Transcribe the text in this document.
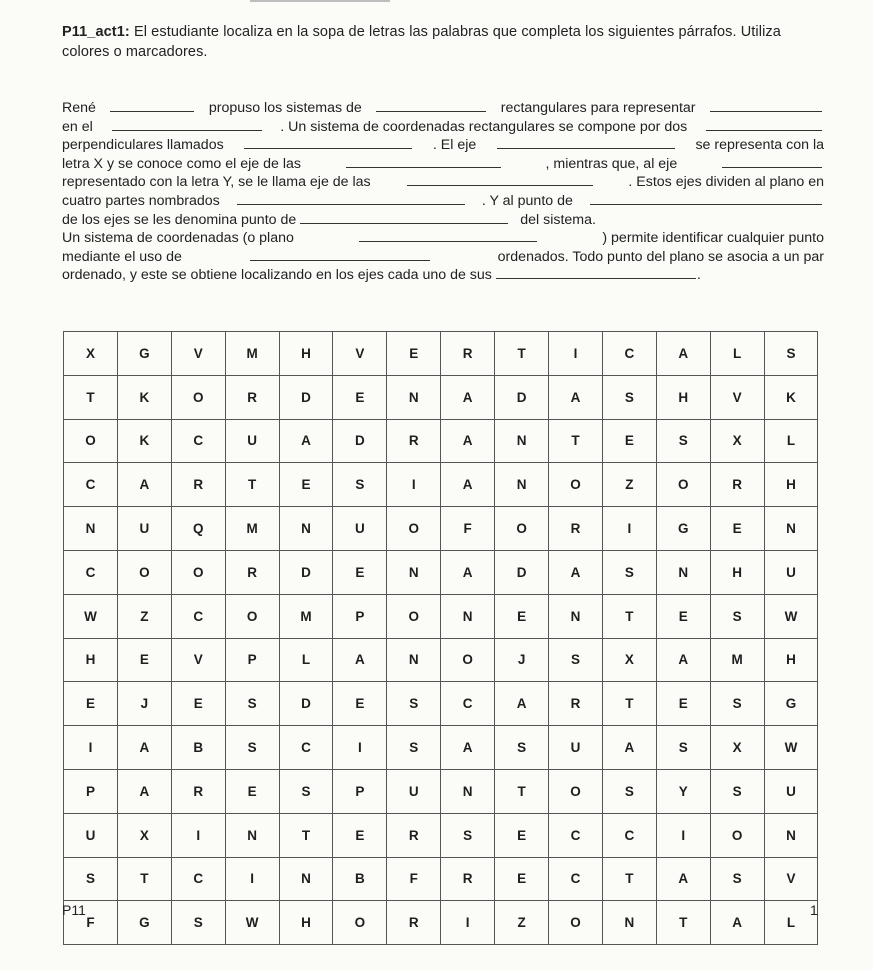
P11_act1: El estudiante localiza en la sopa de letras las palabras que completa los siguientes párrafos. Utiliza
colores o marcadores.
René	propuso los sistemas de	rectangulares para representar
en el	. Un sistema de coordenadas rectangulares se compone por dos
perpendiculares llamados	. El eje	se representa con la
letra X y se conoce como el eje de las	, mientras que, al eje
representado con la letra Y, se le llama eje de las	. Estos ejes dividen al plano en
cuatro partes nombrados	. Y al punto de
de los ejes se les denomina punto de	del sistema.
Un sistema de coordenadas (o plano	) permite identificar cualquier punto
mediante el uso de	ordenados. Todo punto del plano se asocia a un par
ordenado, y este se obtiene localizando en los ejes cada uno de sus	.
X	G	V	M	H	V	E	R	T	I	C	A	L	S
T	K	O	R	D	E	N	A	D	A	S	H	V	K
O	K	C	U	A	D	R	A	N	T	E	S	X	L
C	A	R	T	E	S	I	A	N	O	Z	O	R	H
N	U	Q	M	N	U	O	F	O	R	I	G	E	N
C	O	O	R	D	E	N	A	D	A	S	N	H	U
W	Z	C	O	M	P	O	N	E	N	T	E	S	W
H	E	V	P	L	A	N	O	J	S	X	A	M	H
E	J	E	S	D	E	S	C	A	R	T	E	S	G
I	A	B	S	C	I	S	A	S	U	A	S	X	W
P	A	R	E	S	P	U	N	T	O	S	Y	S	U
U	X	I	N	T	E	R	S	E	C	C	I	O	N
S	T	C	I	N	B	F	R	E	C	T	A	S	V
F	G	S	W	H	O	R	I	Z	O	N	T	A	L
P11	1
